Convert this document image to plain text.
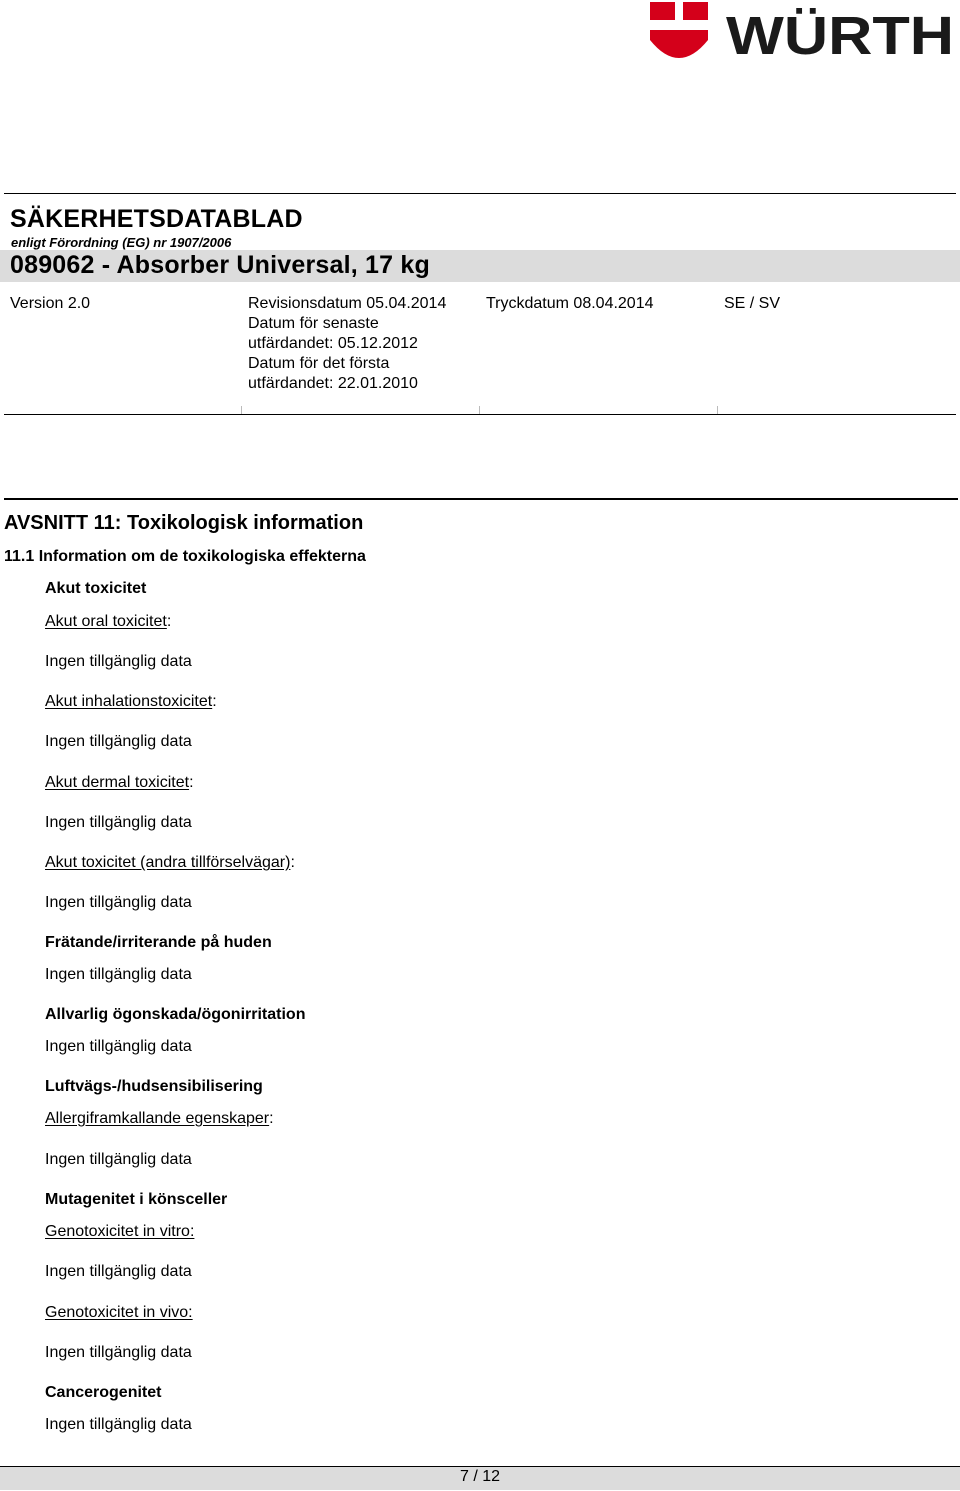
WÜRTH
SÄKERHETSDATABLAD
enligt Förordning (EG) nr 1907/2006
089062 - Absorber Universal, 17 kg
Version 2.0	Revisionsdatum 05.04.2014
Datum för senaste
utfärdandet: 05.12.2012
Datum för det första
utfärdandet: 22.01.2010
Tryckdatum 08.04.2014	SE / SV
AVSNITT 11: Toxikologisk information
11.1 Information om de toxikologiska effekterna
Akut toxicitet
Akut oral toxicitet:
Ingen tillgänglig data
Akut inhalationstoxicitet:
Ingen tillgänglig data
Akut dermal toxicitet:
Ingen tillgänglig data
Akut toxicitet (andra tillförselvägar):
Ingen tillgänglig data
Frätande/irriterande på huden
Ingen tillgänglig data
Allvarlig ögonskada/ögonirritation
Ingen tillgänglig data
Luftvägs-/hudsensibilisering
Allergiframkallande egenskaper:
Ingen tillgänglig data
Mutagenitet i könsceller
Genotoxicitet in vitro:
Ingen tillgänglig data
Genotoxicitet in vivo:
Ingen tillgänglig data
Cancerogenitet
Ingen tillgänglig data
7 / 12
